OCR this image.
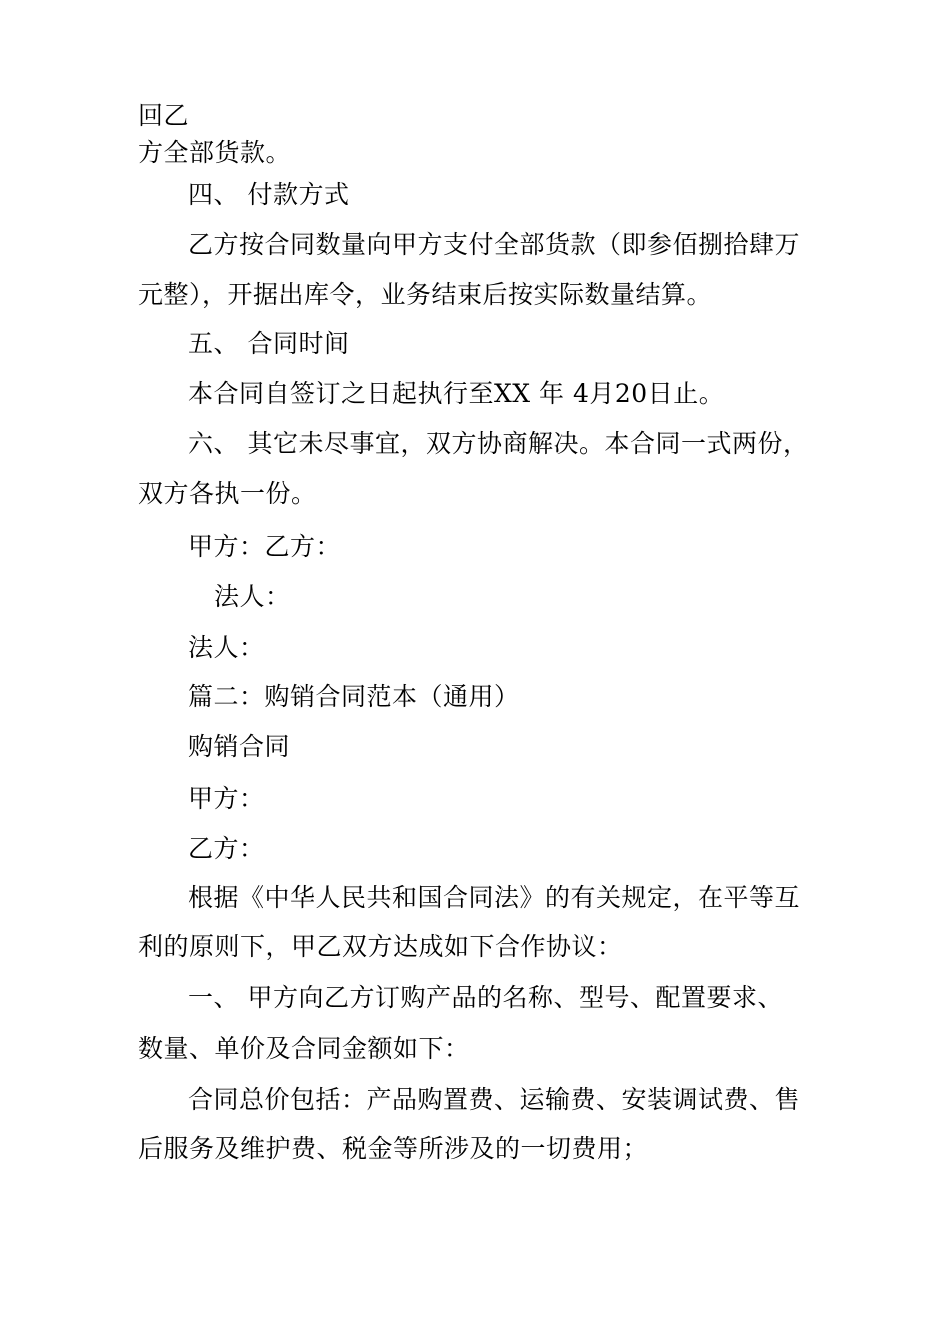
回乙
方全部货款。
四、 付款方式
乙方按合同数量向甲方支付全部货款（即参佰捌拾肆万
元整），开据出库令，业务结束后按实际数量结算。
五、 合同时间
本合同自签订之日起执行至XX 年 4月20日止。
六、 其它未尽事宜，双方协商解决。本合同一式两份，
双方各执一份。
甲方：乙方：
法人：
法人：
篇二：购销合同范本（通用）
购销合同
甲方：
乙方：
根据《中华人民共和国合同法》的有关规定，在平等互
利的原则下，甲乙双方达成如下合作协议：
一、 甲方向乙方订购产品的名称、型号、配置要求、
数量、单价及合同金额如下：
合同总价包括：产品购置费、运输费、安装调试费、售
后服务及维护费、税金等所涉及的一切费用；
